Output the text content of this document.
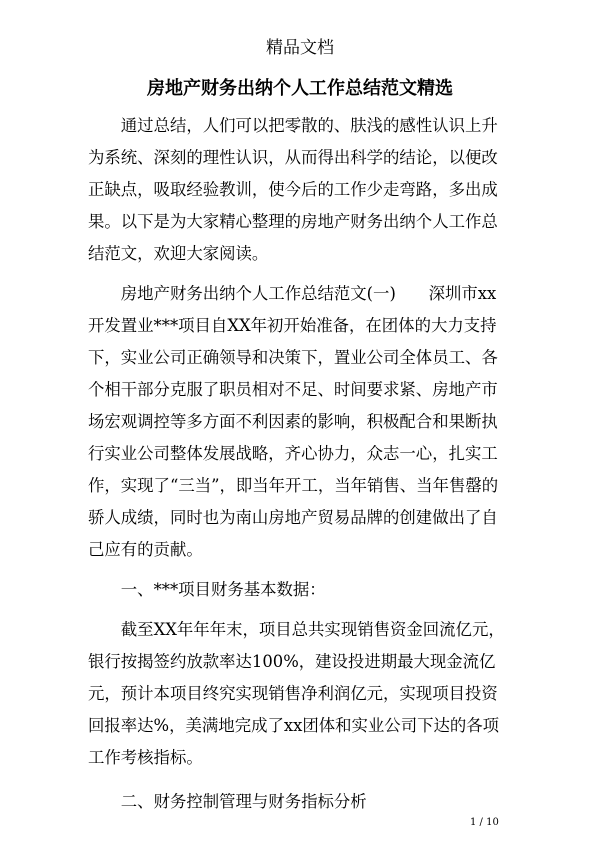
精品文档
房地产财务出纳个人工作总结范文精选

通过总结，人们可以把零散的、肤浅的感性认识上升为系统、深刻的理性认识，从而得出科学的结论，以便改正缺点，吸取经验教训，使今后的工作少走弯路，多出成果。以下是为大家精心整理的房地产财务出纳个人工作总结范文，欢迎大家阅读。

房地产财务出纳个人工作总结范文(一)　　深圳市xx开发置业***项目自XX年初开始准备，在团体的大力支持下，实业公司正确领导和决策下，置业公司全体员工、各个相干部分克服了职员相对不足、时间要求紧、房地产市场宏观调控等多方面不利因素的影响，积极配合和果断执行实业公司整体发展战略，齐心协力，众志一心，扎实工作，实现了“三当”，即当年开工，当年销售、当年售罄的骄人成绩，同时也为南山房地产贸易品牌的创建做出了自己应有的贡献。

一、***项目财务基本数据：

截至XX年年年末，项目总共实现销售资金回流亿元，银行按揭签约放款率达100%，建设投进期最大现金流亿元，预计本项目终究实现销售净利润亿元，实现项目投资回报率达%，美满地完成了xx团体和实业公司下达的各项工作考核指标。

二、财务控制管理与财务指标分析

1 / 10
